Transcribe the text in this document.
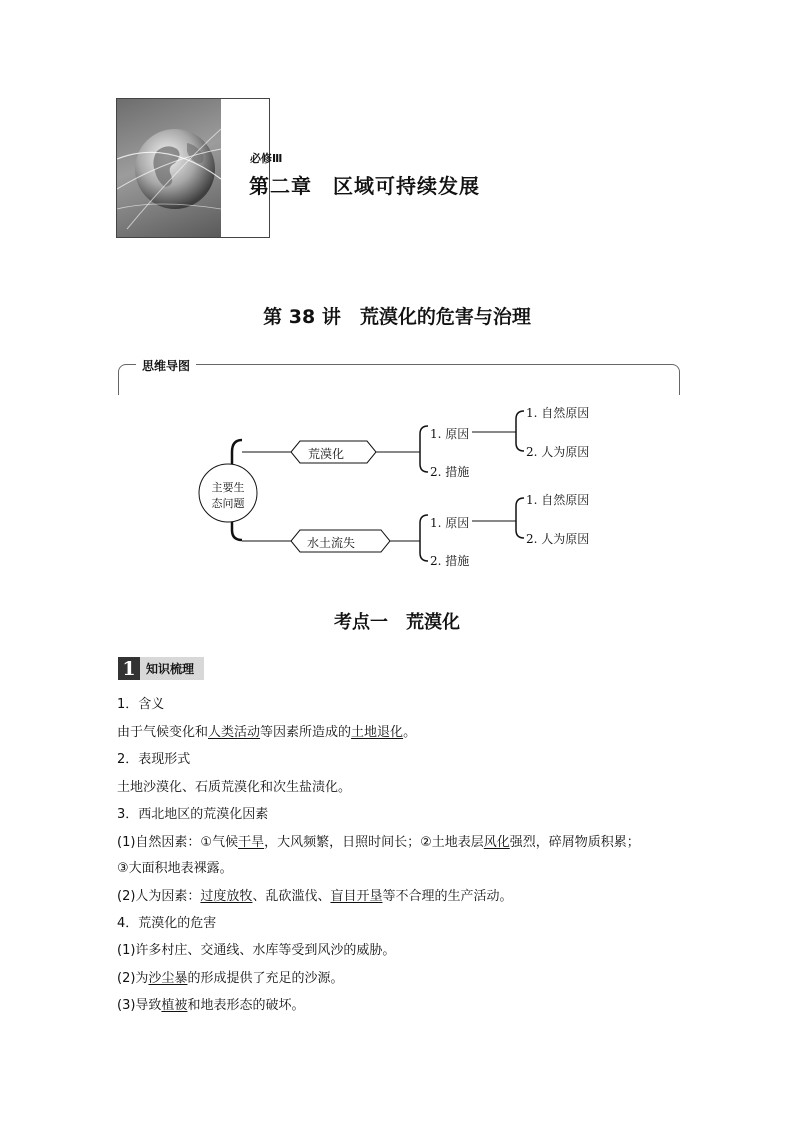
必修Ⅲ
第二章　区域可持续发展
第 38 讲　荒漠化的危害与治理
思维导图
主要生
态问题
荒漠化
水土流失
1. 原因
2. 措施
1. 自然原因
2. 人为原因
1. 原因
2. 措施
1. 自然原因
2. 人为原因
考点一　荒漠化
1 知识梳理
1．含义
由于气候变化和人类活动等因素所造成的土地退化。
2．表现形式
土地沙漠化、石质荒漠化和次生盐渍化。
3．西北地区的荒漠化因素
(1)自然因素：①气候干旱，大风频繁，日照时间长；②土地表层风化强烈，碎屑物质积累；
③大面积地表裸露。
(2)人为因素：过度放牧、乱砍滥伐、盲目开垦等不合理的生产活动。
4．荒漠化的危害
(1)许多村庄、交通线、水库等受到风沙的威胁。
(2)为沙尘暴的形成提供了充足的沙源。
(3)导致植被和地表形态的破坏。
